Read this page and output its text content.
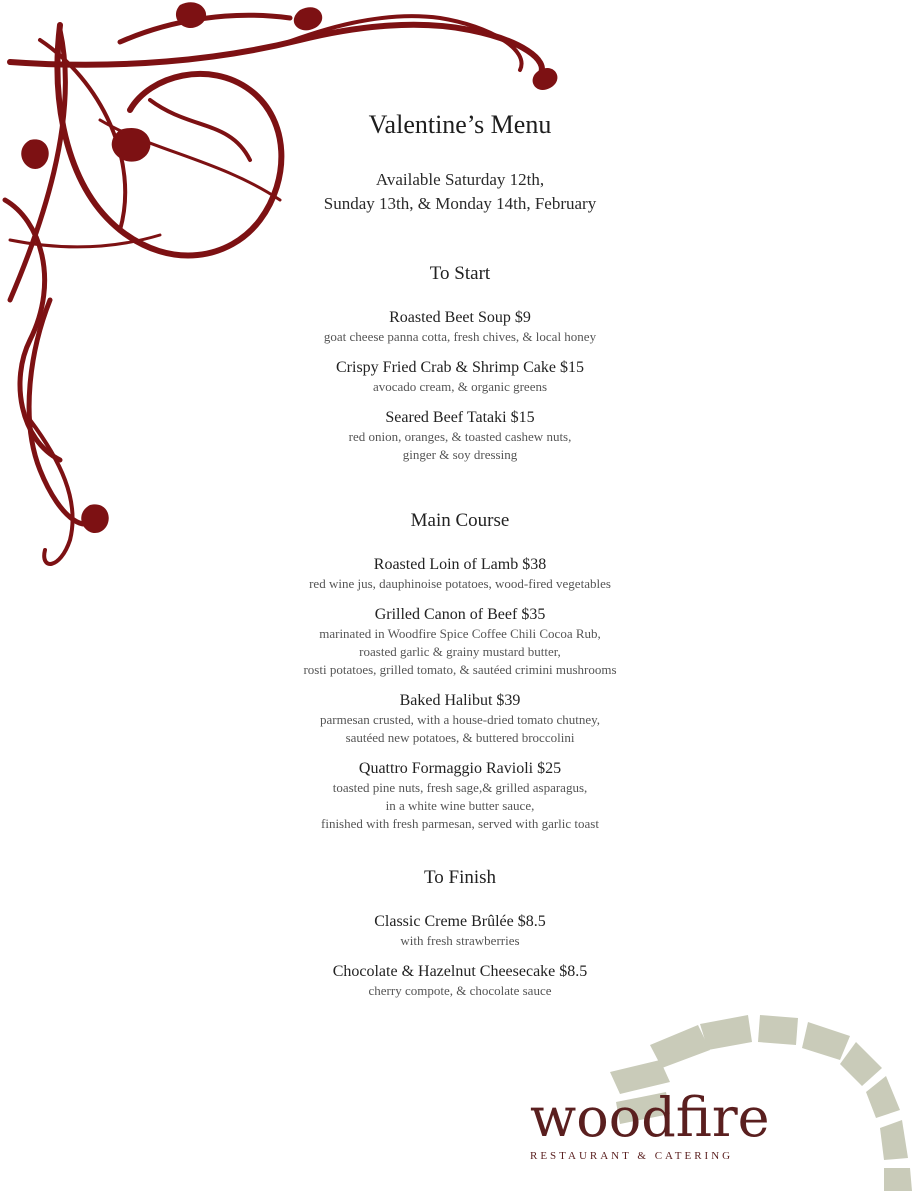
Valentine’s Menu
Available Saturday 12th,
Sunday 13th, & Monday 14th, February
To Start
Roasted Beet Soup $9
goat cheese panna cotta, fresh chives, & local honey
Crispy Fried Crab & Shrimp Cake $15
avocado cream, & organic greens
Seared Beef Tataki $15
red onion, oranges, & toasted cashew nuts,
ginger & soy dressing
Main Course
Roasted Loin of Lamb $38
red wine jus, dauphinoise potatoes, wood-fired vegetables
Grilled Canon of Beef $35
marinated in Woodfire Spice Coffee Chili Cocoa Rub,
roasted garlic & grainy mustard butter,
rosti potatoes, grilled tomato, & sautéed crimini mushrooms
Baked Halibut $39
parmesan crusted, with a house-dried tomato chutney,
sautéed new potatoes, & buttered broccolini
Quattro Formaggio Ravioli $25
toasted pine nuts, fresh sage,& grilled asparagus,
in a white wine butter sauce,
finished with fresh parmesan, served with garlic toast
To Finish
Classic Creme Brûlée $8.5
with fresh strawberries
Chocolate & Hazelnut Cheesecake $8.5
cherry compote, & chocolate sauce
woodfire
RESTAURANT & CATERING
